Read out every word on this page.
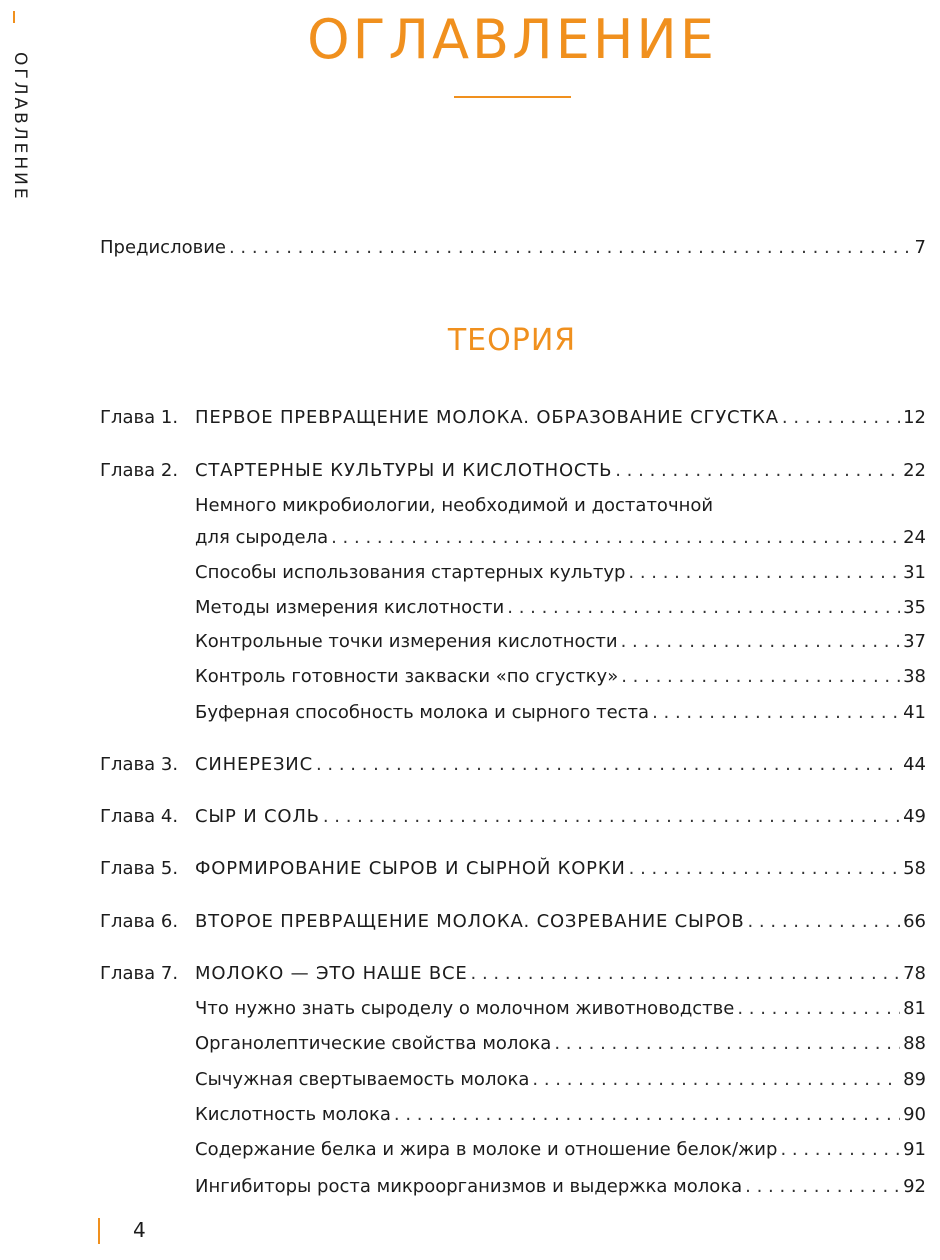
ОГЛАВЛЕНИЕ
ОГЛАВЛЕНИЕ
Предисловие . . .	7
ТЕОРИЯ
Глава 1. ПЕРВОЕ ПРЕВРАЩЕНИЕ МОЛОКА. ОБРАЗОВАНИЕ СГУСТКА . . .	12
Глава 2. СТАРТЕРНЫЕ КУЛЬТУРЫ И КИСЛОТНОСТЬ . . .	22
Немного микробиологии, необходимой и достаточной
для сыродела . . .	24
Способы использования стартерных культур . . .	31
Методы измерения кислотности . . .	35
Контрольные точки измерения кислотности . . .	37
Контроль готовности закваски «по сгустку» . . .	38
Буферная способность молока и сырного теста . . .	41
Глава 3. СИНЕРЕЗИС . . .	44
Глава 4. СЫР И СОЛЬ . . .	49
Глава 5. ФОРМИРОВАНИЕ СЫРОВ И СЫРНОЙ КОРКИ . . .	58
Глава 6. ВТОРОЕ ПРЕВРАЩЕНИЕ МОЛОКА. СОЗРЕВАНИЕ СЫРОВ . . .	66
Глава 7. МОЛОКО — ЭТО НАШЕ ВСЕ . . .	78
Что нужно знать сыроделу о молочном животноводстве . . .	81
Органолептические свойства молока . . .	88
Сычужная свертываемость молока . . .	89
Кислотность молока . . .	90
Содержание белка и жира в молоке и отношение белок/жир . . .	91
Ингибиторы роста микроорганизмов и выдержка молока . . .	92
4
